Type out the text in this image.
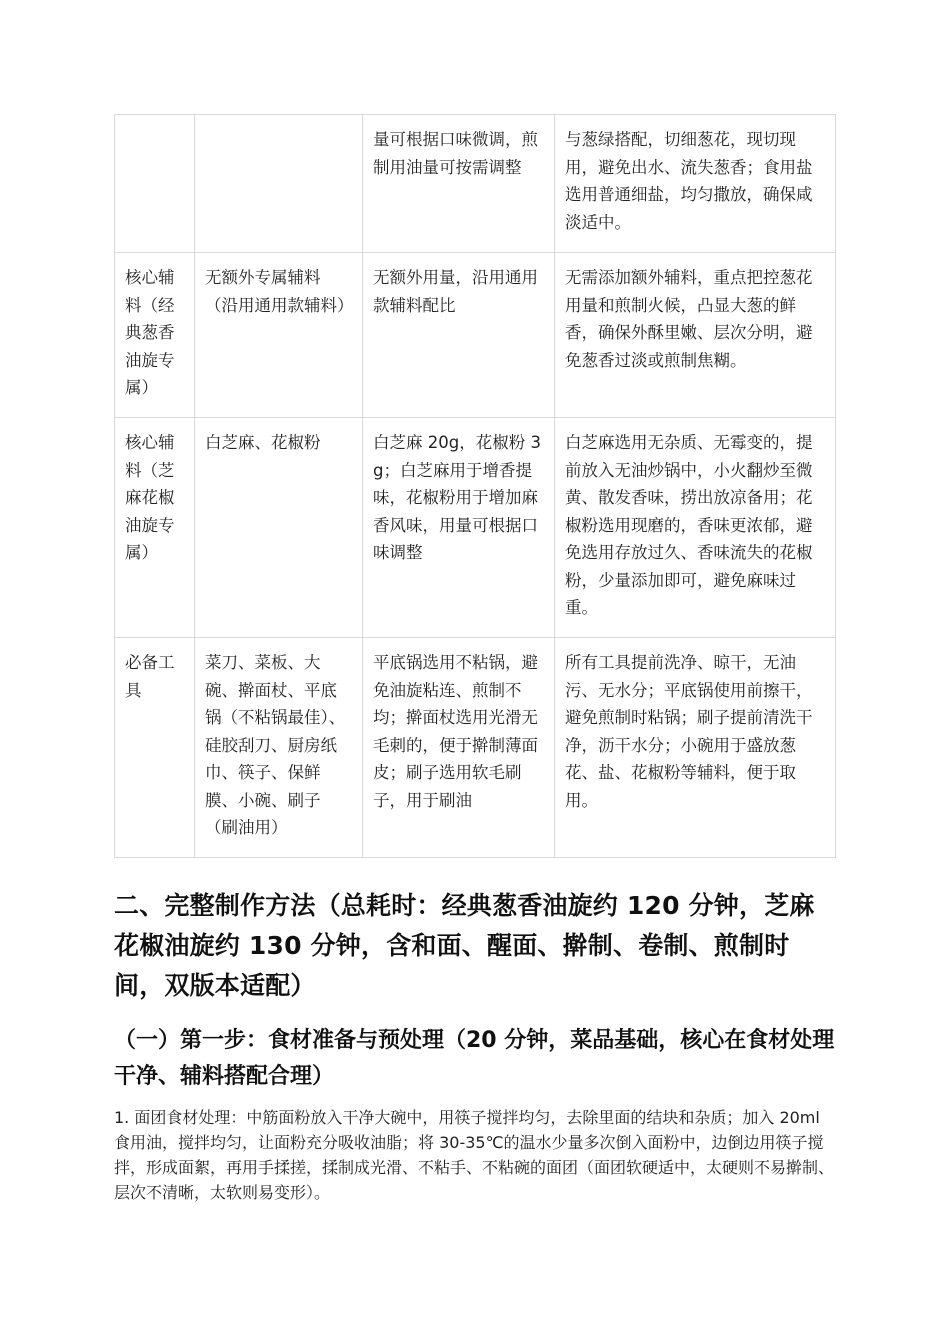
		量可根据口味微调，煎制用油量可按需调整	与葱绿搭配，切细葱花，现切现用，避免出水、流失葱香；食用盐选用普通细盐，均匀撒放，确保咸淡适中。
核心辅料（经典葱香油旋专属）	无额外专属辅料（沿用通用款辅料）	无额外用量，沿用通用款辅料配比	无需添加额外辅料，重点把控葱花用量和煎制火候，凸显大葱的鲜香，确保外酥里嫩、层次分明，避免葱香过淡或煎制焦糊。
核心辅料（芝麻花椒油旋专属）	白芝麻、花椒粉	白芝麻 20g，花椒粉 3g；白芝麻用于增香提味，花椒粉用于增加麻香风味，用量可根据口味调整	白芝麻选用无杂质、无霉变的，提前放入无油炒锅中，小火翻炒至微黄、散发香味，捞出放凉备用；花椒粉选用现磨的，香味更浓郁，避免选用存放过久、香味流失的花椒粉，少量添加即可，避免麻味过重。
必备工具	菜刀、菜板、大碗、擀面杖、平底锅（不粘锅最佳）、硅胶刮刀、厨房纸巾、筷子、保鲜膜、小碗、刷子（刷油用）	平底锅选用不粘锅，避免油旋粘连、煎制不均；擀面杖选用光滑无毛刺的，便于擀制薄面皮；刷子选用软毛刷子，用于刷油	所有工具提前洗净、晾干，无油污、无水分；平底锅使用前擦干，避免煎制时粘锅；刷子提前清洗干净，沥干水分；小碗用于盛放葱花、盐、花椒粉等辅料，便于取用。
二、完整制作方法（总耗时：经典葱香油旋约 120 分钟，芝麻花椒油旋约 130 分钟，含和面、醒面、擀制、卷制、煎制时间，双版本适配）
（一）第一步：食材准备与预处理（20 分钟，菜品基础，核心在食材处理干净、辅料搭配合理）

1. 面团食材处理：中筋面粉放入干净大碗中，用筷子搅拌均匀，去除里面的结块和杂质；加入 20ml 食用油，搅拌均匀，让面粉充分吸收油脂；将 30-35℃的温水少量多次倒入面粉中，边倒边用筷子搅拌，形成面絮，再用手揉搓，揉制成光滑、不粘手、不粘碗的面团（面团软硬适中，太硬则不易擀制、层次不清晰，太软则易变形）。
